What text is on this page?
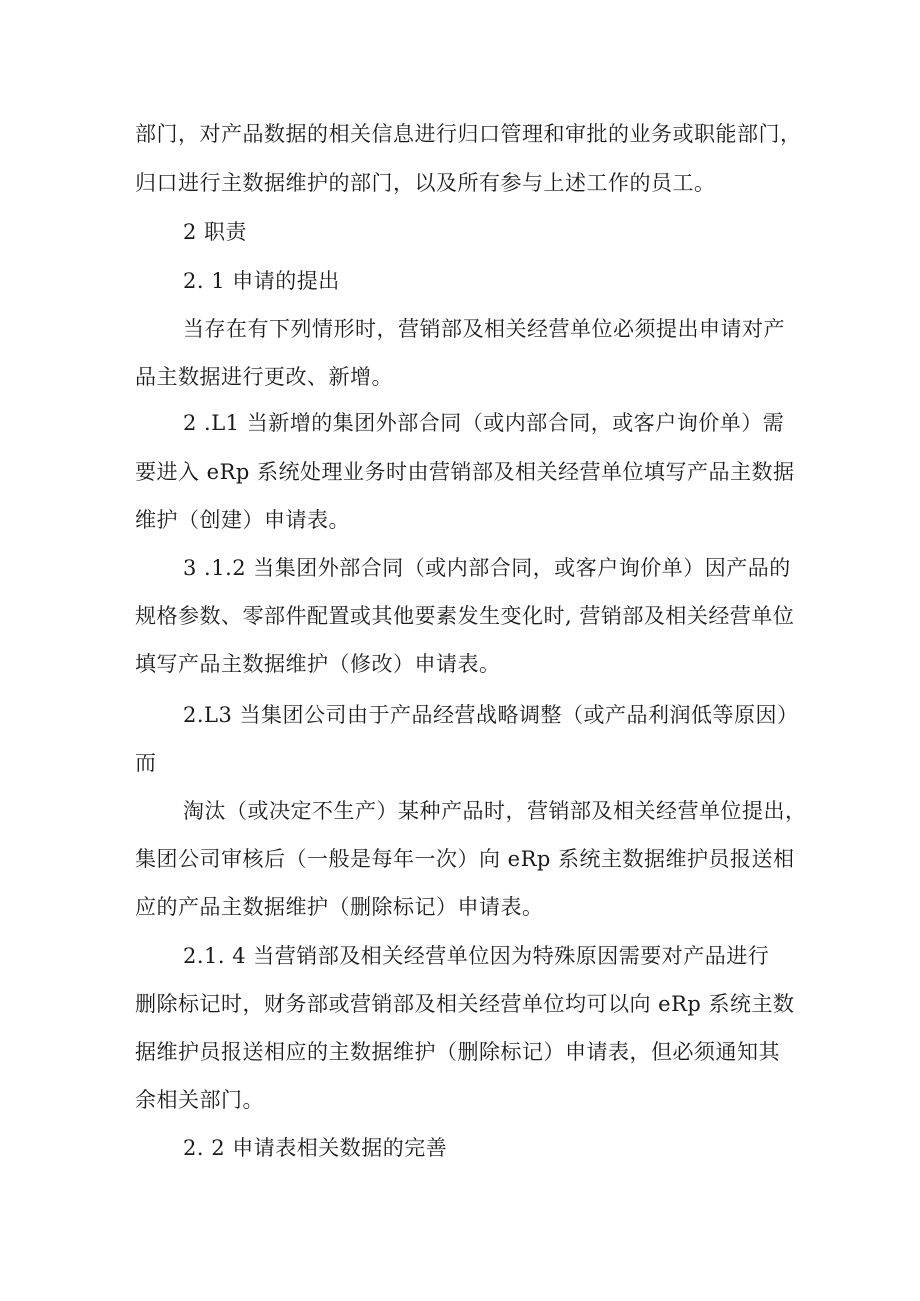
部门，对产品数据的相关信息进行归口管理和审批的业务或职能部门，
归口进行主数据维护的部门，以及所有参与上述工作的员工。
2 职责
2. 1 申请的提出
当存在有下列情形时，营销部及相关经营单位必须提出申请对产
品主数据进行更改、新增。
2 .L1 当新增的集团外部合同（或内部合同，或客户询价单）需
要进入 eRp 系统处理业务时由营销部及相关经营单位填写产品主数据
维护（创建）申请表。
3 .1.2 当集团外部合同（或内部合同，或客户询价单）因产品的
规格参数、零部件配置或其他要素发生变化时, 营销部及相关经营单位
填写产品主数据维护（修改）申请表。
2.L3 当集团公司由于产品经营战略调整（或产品利润低等原因）
而
淘汰（或决定不生产）某种产品时，营销部及相关经营单位提出，
集团公司审核后（一般是每年一次）向 eRp 系统主数据维护员报送相
应的产品主数据维护（删除标记）申请表。
2.1. 4 当营销部及相关经营单位因为特殊原因需要对产品进行
删除标记时，财务部或营销部及相关经营单位均可以向 eRp 系统主数
据维护员报送相应的主数据维护（删除标记）申请表，但必须通知其
余相关部门。
2. 2 申请表相关数据的完善
